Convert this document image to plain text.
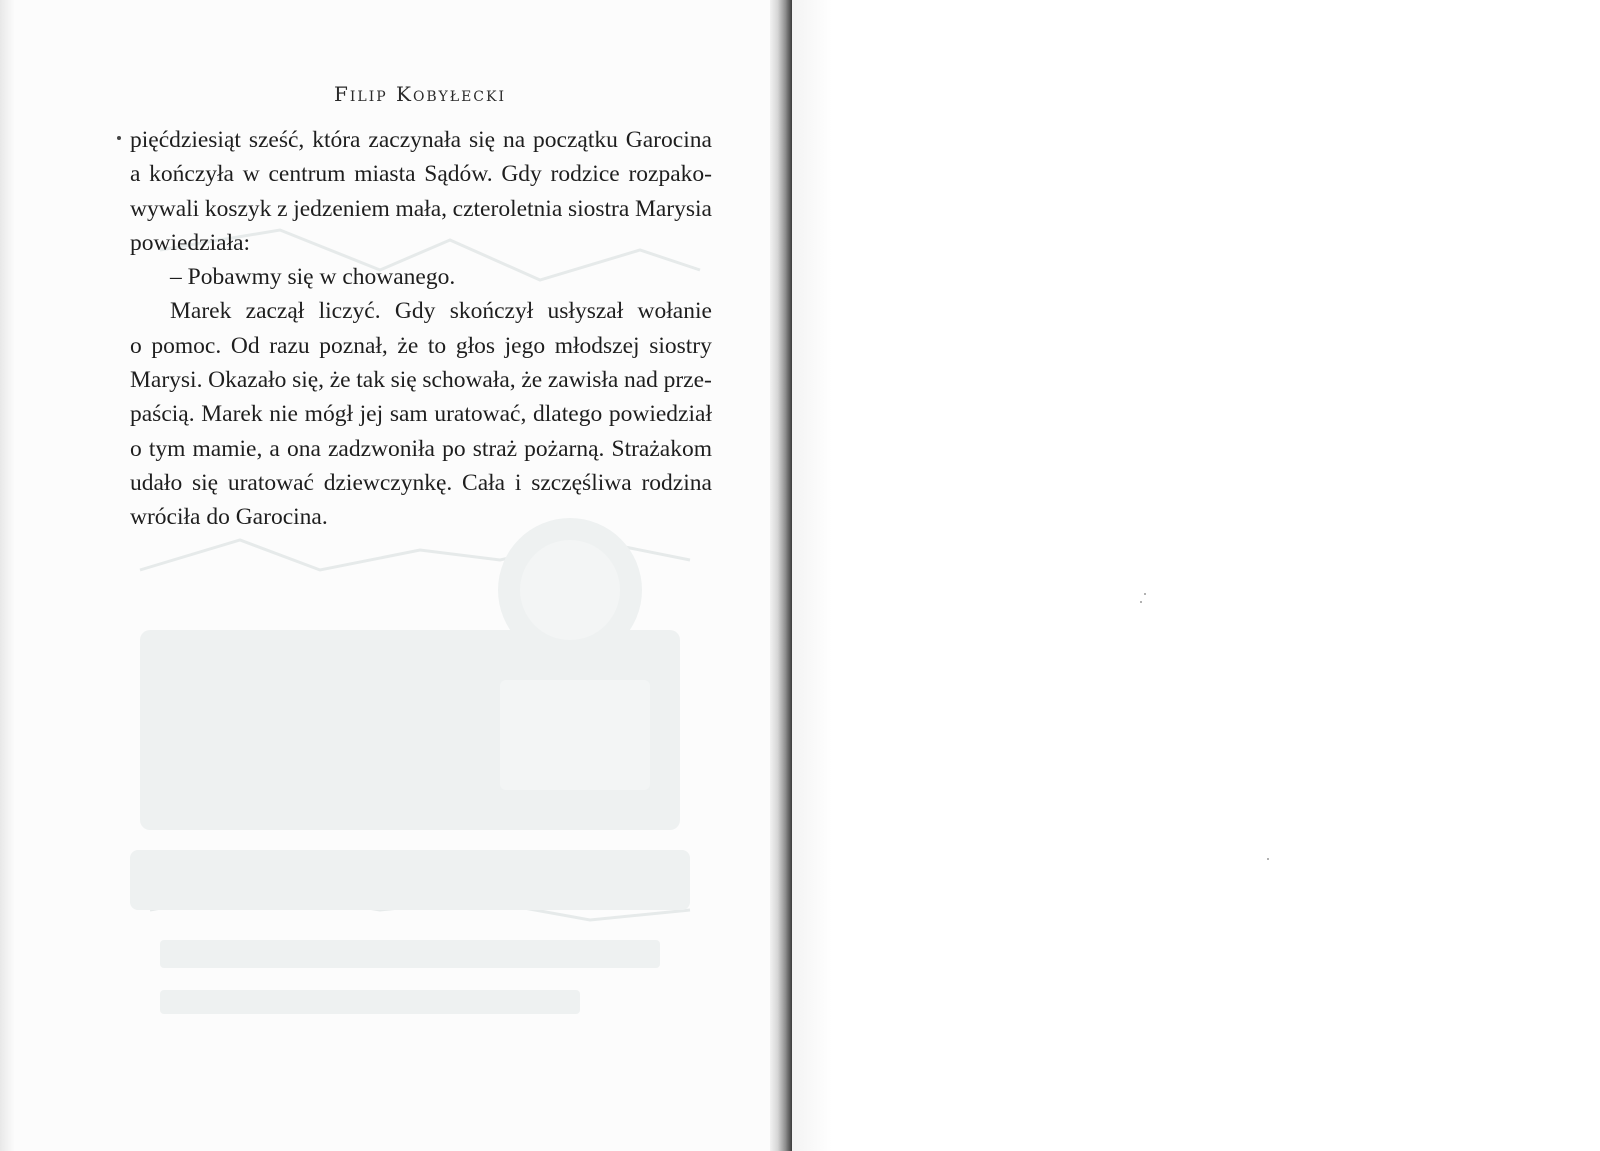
Filip Kobyłecki
pięćdziesiąt sześć, która zaczynała się na początku Garocina
a kończyła w centrum miasta Sądów. Gdy rodzice rozpako-
wywali koszyk z jedzeniem mała, czteroletnia siostra Marysia
powiedziała:
– Pobawmy się w chowanego.
Marek zaczął liczyć. Gdy skończył usłyszał wołanie
o pomoc. Od razu poznał, że to głos jego młodszej siostry
Marysi. Okazało się, że tak się schowała, że zawisła nad prze-
paścią. Marek nie mógł jej sam uratować, dlatego powiedział
o tym mamie, a ona zadzwoniła po straż pożarną. Strażakom
udało się uratować dziewczynkę. Cała i szczęśliwa rodzina
wróciła do Garocina.
